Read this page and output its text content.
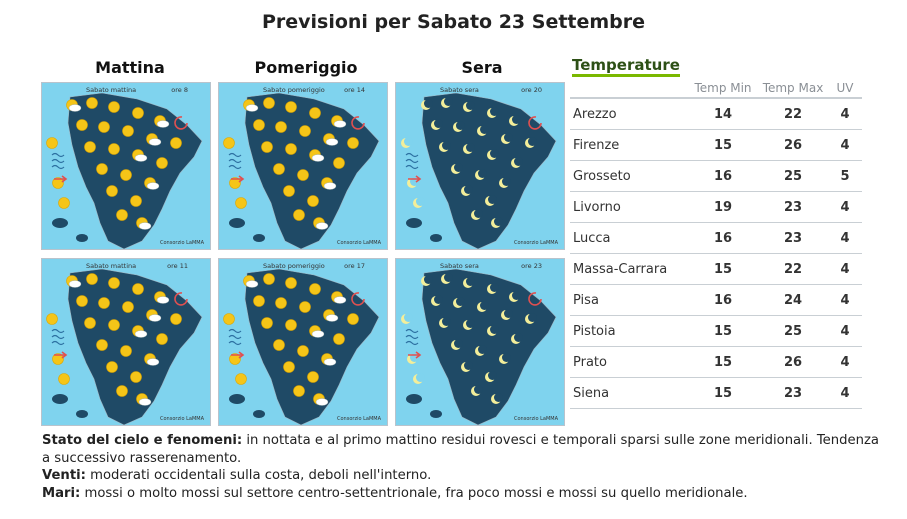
Previsioni per Sabato 23 Settembre
Mattina	Pomeriggio	Sera
Sabato mattina	ore 8
Consorzio LaMMA
Sabato pomeriggio	ore 14
Consorzio LaMMA
Sabato sera	ore 20
Consorzio LaMMA
Sabato mattina	ore 11
Consorzio LaMMA
Sabato pomeriggio	ore 17
Consorzio LaMMA
Sabato sera	ore 23
Consorzio LaMMA
Temperature
	Temp Min	Temp Max	UV
Arezzo	14	22	4
Firenze	15	26	4
Grosseto	16	25	5
Livorno	19	23	4
Lucca	16	23	4
Massa-Carrara	15	22	4
Pisa	16	24	4
Pistoia	15	25	4
Prato	15	26	4
Siena	15	23	4
Stato del cielo e fenomeni: in nottata e al primo mattino residui rovesci e temporali sparsi sulle zone meridionali. Tendenza a successivo rasserenamento.
Venti: moderati occidentali sulla costa, deboli nell'interno.
Mari: mossi o molto mossi sul settore centro-settentrionale, fra poco mossi e mossi su quello meridionale.
